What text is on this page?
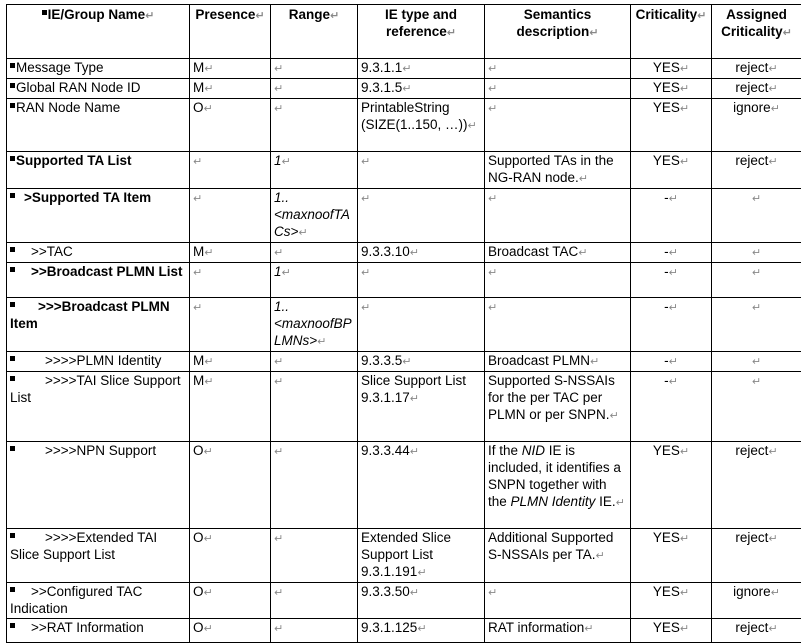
IE/Group Name↵	Presence↵	Range↵	IE type and reference↵	Semantics description↵	Criticality↵	Assigned Criticality↵
Message Type	M↵	↵	9.3.1.1↵	↵	YES↵	reject↵
Global RAN Node ID	M↵	↵	9.3.1.5↵	↵	YES↵	reject↵
RAN Node Name	O↵	↵	PrintableString (SIZE(1..150, …))↵	↵	YES↵	ignore↵
Supported TA List	↵	1↵	↵	Supported TAs in the NG-RAN node.↵	YES↵	reject↵
>Supported TA Item	↵	1..<maxnoofTACs>↵	↵	↵	-↵	↵
>>TAC	M↵	↵	9.3.3.10↵	Broadcast TAC↵	-↵	↵
>>Broadcast PLMN List	↵	1↵	↵	↵	-↵	↵
>>>Broadcast PLMN Item	↵	1..<maxnoofBPLMNs>↵	↵	↵	-↵	↵
>>>>PLMN Identity	M↵	↵	9.3.3.5↵	Broadcast PLMN↵	-↵	↵
>>>>TAI Slice Support List	M↵	↵	Slice Support List 9.3.1.17↵	Supported S-NSSAIs for the per TAC per PLMN or per SNPN.↵	-↵	↵
>>>>NPN Support	O↵	↵	9.3.3.44↵	If the NID IE is included, it identifies a SNPN together with the PLMN Identity IE.↵	YES↵	reject↵
>>>>Extended TAI Slice Support List	O↵	↵	Extended Slice Support List 9.3.1.191↵	Additional Supported S-NSSAIs per TA.↵	YES↵	reject↵
>>Configured TAC Indication	O↵	↵	9.3.3.50↵	↵	YES↵	ignore↵
>>RAT Information	O↵	↵	9.3.1.125↵	RAT information↵	YES↵	reject↵
